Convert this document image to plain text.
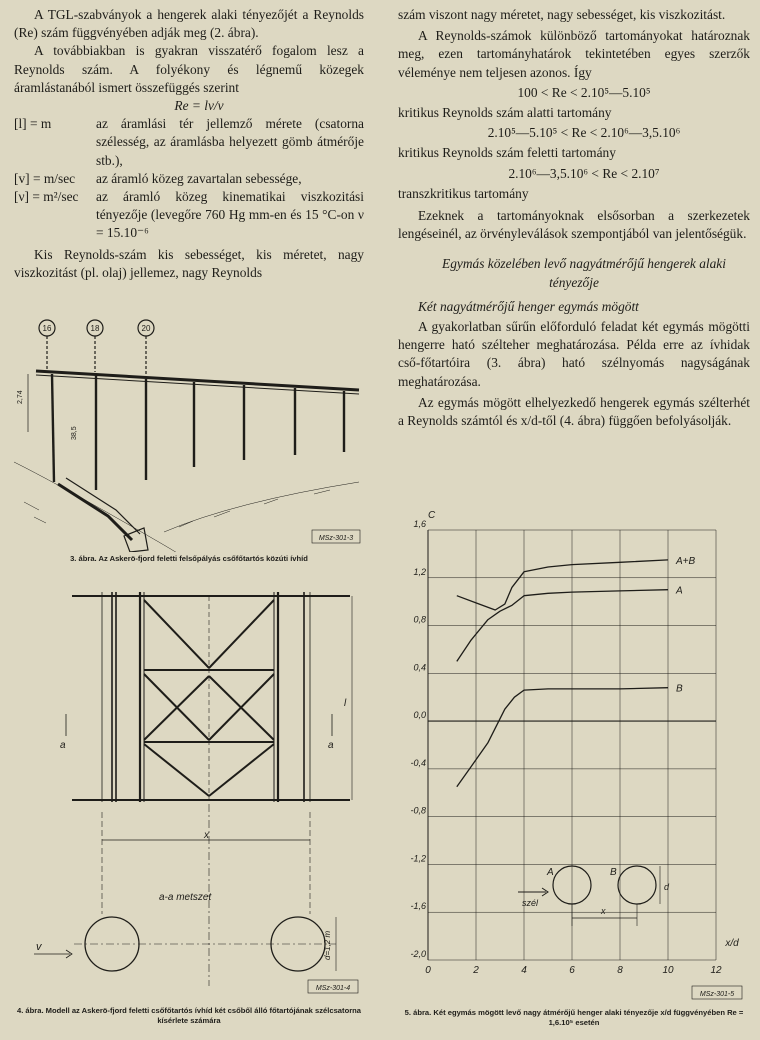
A TGL-szabványok a hengerek alaki tényezőjét a Reynolds (Re) szám függvényében adják meg (2. ábra).

A továbbiakban is gyakran visszatérő fogalom lesz a Reynolds szám. A folyékony és légnemű közegek áramlástanából ismert összefüggés szerint

Re = lv/ν

[l] = m	az áramlási tér jellemző mérete (csatorna szélesség, az áramlásba helyezett gömb átmérője stb.),
[v] = m/sec	az áramló közeg zavartalan sebessége,
[ν] = m²/sec	az áramló közeg kinematikai viszkozitási tényezője (levegőre 760 Hg mm-en és 15 °C-on ν = 15.10⁻⁶

Kis Reynolds-szám kis sebességet, kis méretet, nagy viszkozitást (pl. olaj) jellemez, nagy Reynolds

szám viszont nagy méretet, nagy sebességet, kis viszkozitást.

A Reynolds-számok különböző tartományokat határoznak meg, ezen tartományhatárok tekintetében egyes szerzők véleménye nem teljesen azonos. Így

100 < Re < 2.10⁵—5.10⁵

kritikus Reynolds szám alatti tartomány

2.10⁵—5.10⁵ < Re < 2.10⁶—3,5.10⁶

kritikus Reynolds szám feletti tartomány

2.10⁶—3,5.10⁶ < Re < 2.10⁷

transzkritikus tartomány

Ezeknek a tartományoknak elsősorban a szerkezetek lengéseinél, az örvényleválások szempontjából van jelentőségük.

Egymás közelében levő nagyátmérőjű hengerek alaki tényezője

Két nagyátmérőjű henger egymás mögött

A gyakorlatban sűrűn előforduló feladat két egymás mögötti hengerre ható szélteher meghatározása. Példa erre az ívhidak cső-főtartóira (3. ábra) ható szélnyomás nagyságának meghatározása.

Az egymás mögött elhelyezkedő hengerek egymás szélterhét a Reynolds számtól és x/d-től (4. ábra) függően befolyásolják.

16	18	20
2,74
38,5
MSz-301-3
3. ábra. Az Askerö-fjord feletti felsőpályás csőfőtartós közúti ívhíd
a	a
l
x
a-a metszet
v	d=1,2 m
MSz-301-4
4. ábra. Modell az Askerö-fjord feletti csőfőtartós ívhíd két csőből álló főtartójának szélcsatorna kísérlete számára
0	2	4	6	8	10	12
1,6
1,2
0,8
0,4
0,0
-0,4
-0,8
-1,2
-1,6
-2,0
A+B
A
B
C
x/d
A	B
szél
x
d
MSz-301-5
5. ábra. Két egymás mögött levő nagy átmérőjű henger alaki tényezője x/d függvényében Re = 1,6.10⁵ esetén
